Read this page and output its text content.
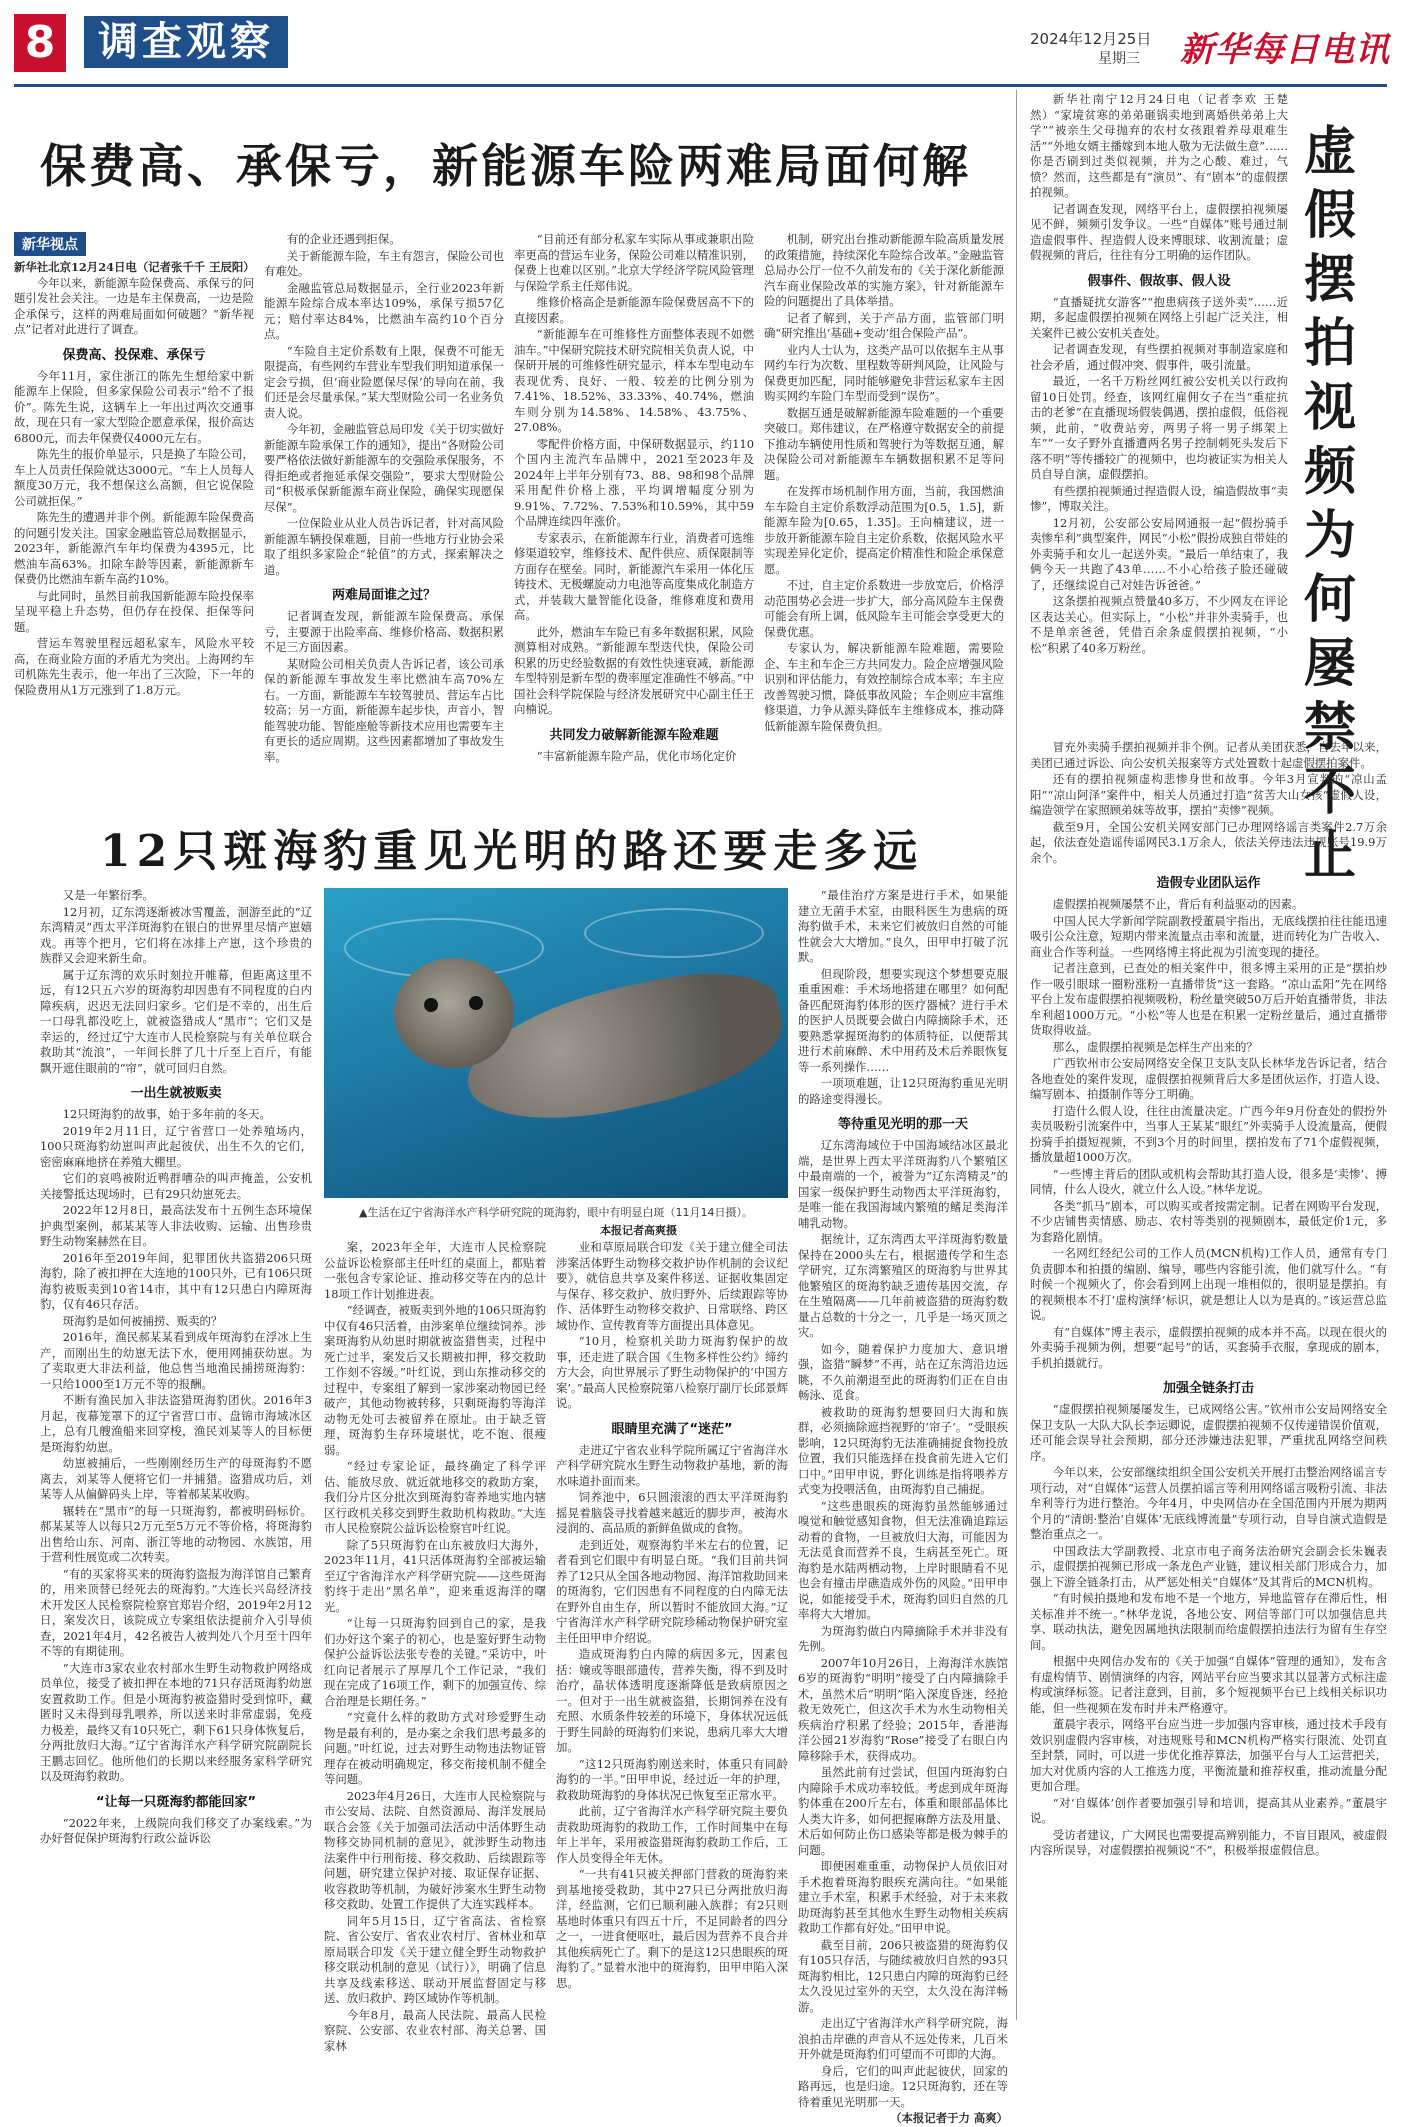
8	调查观察	2024年12月25日
星期三 新华每日电讯
保费高、承保亏，新能源车险两难局面何解
新华视点
新华社北京12月24日电（记者张千千 王辰阳）

今年以来，新能源车险保费高、承保亏的问题引发社会关注。一边是车主保费高，一边是险企承保亏，这样的两难局面如何破题？“新华视点”记者对此进行了调查。

保费高、投保难、承保亏

今年11月，家住浙江的陈先生想给家中新能源车上保险，但多家保险公司表示“给不了报价”。陈先生说，这辆车上一年出过两次交通事故，现在只有一家大型险企愿意承保，报价高达6800元，而去年保费仅4000元左右。

陈先生的报价单显示，只是换了车险公司，车上人员责任保险就达3000元。“车上人员每人额度30万元，我不想保这么高额，但它说保险公司就拒保。”

陈先生的遭遇并非个例。新能源车险保费高的问题引发关注。国家金融监管总局数据显示，2023年，新能源汽车年均保费为4395元，比燃油车高63%。扣除车龄等因素，新能源新车保费仍比燃油车新车高约10%。

与此同时，虽然目前我国新能源车险投保率呈现平稳上升态势，但仍存在投保、拒保等问题。

营运车驾驶里程远超私家车，风险水平较高，在商业险方面的矛盾尤为突出。上海网约车司机陈先生表示，他一年出了三次险，下一年的保险费用从1万元涨到了1.8万元。

有的企业还遇到拒保。

关于新能源车险，车主有怨言，保险公司也有难处。

金融监管总局数据显示，全行业2023年新能源车险综合成本率达109%，承保亏损57亿元；赔付率达84%，比燃油车高约10个百分点。

“车险自主定价系数有上限，保费不可能无限提高，有些网约车营业车型我们明知道承保一定会亏损，但‘商业险愿保尽保’的导向在前，我们还是会尽量承保。”某大型财险公司一名业务负责人说。

今年初，金融监管总局印发《关于切实做好新能源车险承保工作的通知》，提出“各财险公司要严格依法做好新能源车的交强险承保服务，不得拒绝或者拖延承保交强险”，要求大型财险公司“积极承保新能源车商业保险，确保实现愿保尽保”。

一位保险业从业人员告诉记者，针对高风险新能源车辆投保难题，目前一些地方行业协会采取了组织多家险企“轮值”的方式，探索解决之道。

两难局面谁之过？

记者调查发现，新能源车险保费高、承保亏，主要源于出险率高、维修价格高、数据积累不足三方面因素。

某财险公司相关负责人告诉记者，该公司承保的新能源车事故发生率比燃油车高70%左右。一方面，新能源车车较驾驶员、营运车占比较高；另一方面，新能源车起步快，声音小，智能驾驶功能、智能座舱等新技术应用也需要车主有更长的适应周期。这些因素都增加了事故发生率。

“目前还有部分私家车实际从事或兼职出险率更高的营运车业务，保险公司难以精准识别，保费上也难以区别。”北京大学经济学院风险管理与保险学系主任郑伟说。

维修价格高企是新能源车险保费居高不下的直接因素。

“新能源车在可维修性方面整体表现不如燃油车。”中保研究院技术研究院相关负责人说，中保研开展的可维修性研究显示，样本车型电动车表现优秀、良好、一般、较差的比例分别为7.41%、18.52%、33.33%、40.74%，燃油车则分别为14.58%、14.58%、43.75%、27.08%。

零配件价格方面，中保研数据显示，约110个国内主流汽车品牌中，2021至2023年及2024年上半年分别有73、88、98和98个品牌采用配件价格上涨，平均调增幅度分别为9.91%、7.72%、7.53%和10.59%，其中59个品牌连续四年涨价。

专家表示，在新能源车行业，消费者可选维修渠道较窄，维修技术、配件供应、质保限制等方面存在壁垒。同时，新能源汽车采用一体化压铸技术、无极螺旋动力电池等高度集成化制造方式，并装载大量智能化设备，维修难度和费用高。

此外，燃油车车险已有多年数据积累，风险测算相对成熟。“新能源车型迭代快，保险公司积累的历史经验数据的有效性快速衰减，新能源车型特别是新车型的费率厘定准确性不够高。”中国社会科学院保险与经济发展研究中心副主任王向楠说。

共同发力破解新能源车险难题

“丰富新能源车险产品，优化市场化定价

机制，研究出台推动新能源车险高质量发展的政策措施，持续深化车险综合改革。”金融监管总局办公厅一位不久前发布的《关于深化新能源汽车商业保险改革的实施方案》，针对新能源车险的问题提出了具体举措。

记者了解到，关于产品方面，监管部门明确“研究推出‘基础+变动’组合保险产品”。

业内人士认为，这类产品可以依据车主从事网约车行为次数、里程数等研判风险，让风险与保费更加匹配，同时能够避免非营运私家车主因购买网约车险门车型而受到“误伤”。

数据互通是破解新能源车险难题的一个重要突破口。郑伟建议，在严格遵守数据安全的前提下推动车辆使用性质和驾驶行为等数据互通，解决保险公司对新能源车车辆数据积累不足等问题。

在发挥市场机制作用方面，当前，我国燃油车车险自主定价系数浮动范围为[0.5，1.5]，新能源车险为[0.65，1.35]。王向楠建议，进一步放开新能源车险自主定价系数，依据风险水平实现差异化定价，提高定价精准性和险企承保意愿。

不过，自主定价系数进一步放宽后，价格浮动范围势必会进一步扩大，部分高风险车主保费可能会有所上调，低风险车主可能会享受更大的保费优惠。

专家认为，解决新能源车险难题，需要险企、车主和车企三方共同发力。险企应增强风险识别和评估能力，有效控制综合成本率；车主应改善驾驶习惯，降低事故风险；车企则应丰富维修渠道，力争从源头降低车主维修成本，推动降低新能源车险保费负担。

12只斑海豹重见光明的路还要走多远

又是一年繁衍季。

12月初，辽东湾逐渐被冰雪覆盖，洄游至此的“辽东湾精灵”西太平洋斑海豹在银白的世界里尽情产崽嬉戏。再等个把月，它们将在冰排上产崽，这个珍贵的族群又会迎来新生命。

属于辽东湾的欢乐时刻拉开帷幕，但距离这里不远，有12只五六岁的斑海豹却因患有不同程度的白内障疾病，迟迟无法回归家乡。它们是不幸的，出生后一口母乳都没吃上，就被盗猎成人“黑市”；它们又是幸运的，经过辽宁大连市人民检察院与有关单位联合救助其“流浪”，一年间长胖了几十斤至上百斤，有能飘开遮住眼前的“帘”，就可回归自然。

一出生就被贩卖

12只斑海豹的故事，始于多年前的冬天。

2019年2月11日，辽宁省营口一处养殖场内，100只斑海豹幼崽叫声此起彼伏，出生不久的它们，密密麻麻地挤在养殖大棚里。

它们的哀鸣被附近鸭群嘈杂的叫声掩盖，公安机关接警抵达现场时，已有29只幼崽死去。

2022年12月8日，最高法发布十五例生态环境保护典型案例，郝某某等人非法收购、运输、出售珍贵野生动物案赫然在目。

2016年至2019年间，犯罪团伙共盗猎206只斑海豹，除了被扣押在大连地的100只外，已有106只斑海豹被贩卖到10省14市，其中有12只患白内障斑海豹，仅有46只存活。

斑海豹是如何被捕捞、贩卖的？

2016年，渔民郝某某看到成年斑海豹在浮冰上生产，而刚出生的幼崽无法下水，便用网捕获幼崽。为了卖取更大非法利益，他总售当地渔民捕捞斑海豹：一只给1000至1万元不等的报酬。

不断有渔民加入非法盗猎斑海豹团伙。2016年3月起，夜幕笼罩下的辽宁省营口市、盘锦市海域冰区上，总有几艘渔船来回穿梭，渔民刘某等人的目标便是斑海豹幼崽。

幼崽被捕后，一些刚刚经历生产的母斑海豹不愿离去，刘某等人便将它们一并捕猎。盗猎成功后，刘某等人从偏僻码头上岸，等着郝某某收购。

辗转在“黑市”的每一只斑海豹，都被明码标价。郝某某等人以每只2万元至5万元不等价格，将斑海豹出售给山东、河南、浙江等地的动物园、水族馆，用于营利性展览或二次转卖。

“有的买家将买来的斑海豹盗报为海洋馆自己繁育的，用来顶替已经死去的斑海豹。”大连长兴岛经济技术开发区人民检察院检察官郑岩介绍，2019年2月12日，案发次日，该院成立专案组依法提前介入引导侦查，2021年4月，42名被告人被判处八个月至十四年不等的有期徒刑。

“大连市3家农业农村部水生野生动物救护网络成员单位，接受了被扣押在本地的71只存活斑海豹幼崽安置救助工作。但是小斑海豹被盗猎时受到惊吓，藏匿时又未得到母乳喂养，所以送来时非常虚弱，免疫力极差，最终又有10只死亡，剩下61只身体恢复后，分两批放归大海。”辽宁省海洋水产科学研究院副院长王鹏志回忆。他所他们的长期以来经服务家科学研究以及斑海豹救助。

“让每一只斑海豹都能回家”

“2022年来，上级院向我们移交了办案线索。”为办好督促保护斑海豹行政公益诉讼

▲生活在辽宁省海洋水产科学研究院的斑海豹，眼中有明显白斑（11月14日摄）。
本报记者高爽摄

案，2023年全年，大连市人民检察院公益诉讼检察部主任叶红的桌面上，都贴着一张包含专家论证、推动移交等在内的总计18项工作计划推进表。

“经调查，被贩卖到外地的106只斑海豹中仅有46只活着，由涉案单位继续饲养。涉案斑海豹从幼崽时期就被盗猎售卖，过程中死亡过半，案发后又长期被扣押，移交救助工作刻不容缓。”叶红说，到山东推动移交的过程中，专案组了解到一家涉案动物园已经破产，其他动物被转移，只剩斑海豹等海洋动物无处可去被留养在原址。由于缺乏管理，斑海豹生存环境堪忧，吃不饱、很瘦弱。

“经过专家论证，最终确定了科学评估、能放尽放、就近就地移交的救助方案，我们分片区分批次到斑海豹寄养地实地内辖区行政机关移交到野生救助机构救助。”大连市人民检察院公益诉讼检察官叶红说。

除了5只斑海豹在山东被放归大海外，2023年11月，41只活体斑海豹全部被运输至辽宁省海洋水产科学研究院——这些斑海豹终于走出“黑名单”，迎来重返海洋的曙光。

“让每一只斑海豹回到自己的家，是我们办好这个案子的初心，也是鉴好野生动物保护公益诉讼法张专卷的关键。”采访中，叶红向记者展示了厚厚几个工作记录，“我们现在完成了16项工作，剩下的加强宣传、综合治理是长期任务。”

“究竟什么样的救助方式对珍爱野生动物是最有利的，是办案之余我们思考最多的问题。”叶红说，过去对野生动物违法物证管理存在被动明确规定，移交衔接机制不健全等问题。

2023年4月26日，大连市人民检察院与市公安局、法院、自然资源局、海洋发展局联合会签《关于加强司法活动中活体野生动物移交协同机制的意见》，就涉野生动物违法案件中行刑衔接、移交救助、后续跟踪等问题，研究建立保护对接、取证保存证据、收容救助等机制，为破好涉案水生野生动物移交救助、处置工作提供了大连实践样本。

同年5月15日，辽宁省高法、省检察院、省公安厅、省农业农村厅、省林业和草原局联合印发《关于建立健全野生动物救护移交联动机制的意见（试行）》，明确了信息共享及线索移送、联动开展监督固定与移送、放归救护、跨区域协作等机制。

今年8月，最高人民法院、最高人民检察院、公安部、农业农村部、海关总署、国家林

业和草原局联合印发《关于建立健全司法涉案活体野生动物移交救护协作机制的会议纪要》，就信息共享及案件移送、证据收集固定与保存、移交救护、放归野外、后续跟踪等协作、活体野生动物移交救护、日常联络、跨区域协作、宣传教育等方面提出具体意见。

“10月，检察机关助力斑海豹保护的故事，还走进了联合国《生物多样性公约》缔约方大会，向世界展示了野生动物保护的‘中国方案’。”最高人民检察院第八检察厅副厅长邱景辉说。

眼睛里充满了“迷茫”

走进辽宁省农业科学院所属辽宁省海洋水产科学研究院水生野生动物救护基地，新的海水味道扑面而来。

饲养池中，6只圆滚滚的西太平洋斑海豹摇晃着脑袋寻找着越来越近的脚步声，被海水浸润的、高品质的新鲜鱼做成的食物。

走到近处，观察海豹半米左右的位置，记者看到它们眼中有明显白斑。“我们目前共饲养了12只从全国各地动物园、海洋馆救助回来的斑海豹，它们因患有不同程度的白内障无法在野外自由生存，所以暂时不能放回大海。”辽宁省海洋水产科学研究院珍稀动物保护研究室主任田甲申介绍说。

造成斑海豹白内障的病因多元，因素包括：嬢或等眼部遗传，营养失衡，得不到及时治疗，晶状体透明度逐渐降低是致病原因之一。但对于一出生就被盗猎，长期饲养在没有充照、水质条件较差的环境下，身体状况远低于野生同龄的斑海豹们来说，患病几率大大增加。

“这12只斑海豹刚送来时，体重只有同龄海豹的一半。”田甲申说，经过近一年的护理，救救助斑海豹的身体状况已恢复至正常水平。

此前，辽宁省海洋水产科学研究院主要负责救助斑海豹的救助工作，工作时间集中在每年上半年，采用被盗猎斑海豹救助工作后，工作人员变得全年无休。

“一共有41只被关押部门营救的斑海豹来到基地接受救助，其中27只已分两批放归海洋，经监测，它们已顺利融入族群；有2只则基地时体重只有四五十斤，不足同龄者的四分之一，一进食便呕吐，最后因为营养不良合并其他疾病死亡了。剩下的是这12只患眼疾的斑海豹了。”显着水池中的斑海豹，田甲申陷入深思。

“最佳治疗方案是进行手术，如果能建立无菌手术室，由眼科医生为患病的斑海豹做手术，未来它们被放归自然的可能性就会大大增加。”良久，田甲申打破了沉默。

但现阶段，想要实现这个梦想要克服重重困难：手术场地搭建在哪里？如何配备匹配斑海豹体形的医疗器械？进行手术的医护人员既要会做白内障摘除手术，还要熟悉掌握斑海豹的体质特征，以便帮其进行术前麻醉、术中用药及术后养眼恢复等一系列操作……

一项项难题，让12只斑海豹重见光明的路途变得漫长。

等待重见光明的那一天

辽东湾海域位于中国海域结冰区最北端，是世界上西太平洋斑海豹八个繁殖区中最南端的一个，被誉为“辽东湾精灵”的国家一级保护野生动物西太平洋斑海豹，是唯一能在我国海域内繁殖的鳍足类海洋哺乳动物。

据统计，辽东湾西太平洋斑海豹数量保持在2000头左右，根据遗传学和生态学研究，辽东湾繁殖区的斑海豹与世界其他繁殖区的斑海豹缺乏遗传基因交流，存在生殖隔离——几年前被盗猎的斑海豹数量占总数的十分之一，几乎是一场灭顶之灾。

如今，随着保护力度加大、意识增强，盗猎“瞬梦”不再，站在辽东湾沿边远眺，不久前潮退至此的斑海豹们正在自由畅泳、觅食。

被救助的斑海豹想要回归大海和族群，必须摘除遮挡视野的‘帘子’。“受眼疾影响，12只斑海豹无法准确捕捉食物投放位置，我们只能选择在投食前先进入它们口中。”田甲申说，野化训练是指将喂养方式变为投喂活鱼，由斑海豹自己捕捉。

“这些患眼疾的斑海豹虽然能够通过嗅觉和触觉感知食物，但无法准确追踪运动着的食物，一旦被放归大海，可能因为无法觅食而营养不良，生病甚至死亡。斑海豹是水陆两栖动物，上岸时眼睛看不见也会有撞击岸礁造成外伤的风险。”田甲申说，如能接受手术，斑海豹回归自然的几率将大大增加。

为斑海豹做白内障摘除手术并非没有先例。

2007年10月26日，上海海洋水族馆6岁的斑海豹“明明”接受了白内障摘除手术，虽然术后“明明”陷入深度昏迷，经抢救无效死亡，但这次手术为水生动物相关疾病治疗积累了经验；2015年，香港海洋公园21岁海豹“Rose”接受了右眼白内障移除手术，获得成功。

虽然此前有过尝试，但国内斑海豹白内障除手术成功率较低。考虑到成年斑海豹体重在200斤左右，体重和眼部晶体比人类大许多，如何把握麻醉方法及用量、术后如何防止伤口感染等都是极为棘手的问题。

即便困难重重，动物保护人员依旧对手术抱着斑海豹眼疾充满向往。“如果能建立手术室，积累手术经验，对于未来救助斑海豹甚至其他水生野生动物相关疾病救助工作都有好处。”田甲申说。

截至目前，206只被盗猎的斑海豹仅有105只存活，与随续被放归自然的93只斑海豹相比，12只患白内障的斑海豹已经太久没见过室外的天空，太久没在海洋畅游。

走出辽宁省海洋水产科学研究院，海浪拍击岸礁的声音从不远处传来，几百米开外就是斑海豹们可望而不可即的大海。

身后，它们的叫声此起彼伏，回家的路再远，也是归途。12只斑海豹，还在等待着重见光明那一天。

（本报记者于力 高爽）
虚假摆拍视频为何屡禁不止

新华社南宁12月24日电（记者李欢 王楚然）“家境贫寒的弟弟砸锅卖地到离婚供弟弟上大学”“被亲生父母抛弃的农村女孩跟着养母艰难生活”“外地女婿主播嫁到本地人敬为无法做生意”……你是否刷到过类似视频，并为之心酸、难过，气愤？然而，这些都是有“演员”、有“剧本”的虚假摆拍视频。

记者调查发现，网络平台上，虚假摆拍视频屡见不鲜，频频引发争议。一些“自媒体”账号通过制造虚假事件、捏造假人设来博眼球、收割流量；虚假视频的背后，往往有分工明确的运作团队。

假事件、假故事、假人设

“直播疑扰女游客”“抱患病孩子送外卖”……近期，多起虚假摆拍视频在网络上引起广泛关注，相关案件已被公安机关查处。

记者调查发现，有些摆拍视频对事制造家庭和社会矛盾，通过假冲突、假事件，吸引流量。

最近，一名千万粉丝网红被公安机关以行政拘留10日处罚。经查，该网红雇佣女子在当“重症抗击的老爹”在直播现场假装偶遇，摆拍虚假，低俗视频，此前，“收费站旁，两男子将一男子绑架上车”“一女子野外直播遭两名男子控制刺死头发后下落不明”等传播较广的视频中，也均被证实为相关人员自导自演，虚假摆拍。

有些摆拍视频通过捏造假人设，编造假故事“卖惨”，博取关注。

12月初，公安部公安局网通报一起“假扮骑手卖惨牟利”典型案件，网民“小松”假扮成独自带娃的外卖骑手和女儿一起送外卖。“最后一单结束了，我俩今天一共跑了43单……不小心给孩子脸还碰破了，还继续说自己对娃告诉爸爸。”

这条摆拍视频点赞量40多万，不少网友在评论区表达关心。但实际上，“小松”并非外卖骑手，也不是单亲爸爸，凭借百余条虚假摆拍视频，“小松”积累了40多万粉丝。

冒充外卖骑手摆拍视频并非个例。记者从美团获悉，自去年以来，美团已通过诉讼、向公安机关报案等方式处置数十起虚假摆拍案件。

还有的摆拍视频虚构悲惨身世和故事。今年3月宣判的“凉山孟阳”“凉山阿泽”案件中，相关人员通过打造“贫苦大山女孩”虚假人设，编造领学在家照顾弟妹等故事，摆拍“卖惨”视频。

截至9月，全国公安机关网安部门已办理网络谣言类案件2.7万余起，依法查处造谣传谣网民3.1万余人，依法关停违法违规账号19.9万余个。

造假专业团队运作

虚假摆拍视频屡禁不止，背后有利益驱动的因素。

中国人民大学新闻学院副教授董晨宇指出，无底线摆拍往往能迅速吸引公众注意，短期内带来流量点击率和流量，进而转化为广告收入、商业合作等利益。一些网络博主将此视为引流变现的捷径。

记者注意到，已查处的相关案件中，很多博主采用的正是“摆拍炒作一吸引眼球一圈粉涨粉一直播带货”这一套路。“凉山孟阳”先在网络平台上发布虚假摆拍视频吸粉，粉丝量突破50万后开始直播带货，非法牟利超1000万元。“小松”等人也是在积累一定粉丝量后，通过直播带货取得收益。

那么，虚假摆拍视频是怎样生产出来的？

广西钦州市公安局网络安全保卫支队支队长林华龙告诉记者，结合各地查处的案件发现，虚假摆拍视频背后大多是团伙运作，打造人设、编写剧本、拍摄制作等分工明确。

打造什么假人设，往往由流量决定。广西今年9月份查处的假扮外卖员吸粉引流案件中，当事人王某某“眼红”外卖骑手人设流量高，便假扮骑手拍摄短视频，不到3个月的时间里，摆拍发布了71个虚假视频，播放量超1000万次。

“一些博主背后的团队或机构会帮助其打造人设，很多是‘卖惨’、搏同情，什么人设火，就立什么人设。”林华龙说。

各类“抓马”剧本，可以购买或者按需定制。记者在网购平台发现，不少店铺售卖情感、励志、农村等类别的视频剧本，最低定价1元，多为套路化剧情。

一名网红经纪公司的工作人员(MCN机构)工作人员，通常有专门负责脚本和拍摄的编剧、编导，哪些内容能引流，他们就写什么。“有时候一个视频火了，你会看到网上出现一堆相似的，很明显是摆拍。有的视频根本不打‘虚构演绎’标识，就是想让人以为是真的。”该运营总监说。

有“自媒体”博主表示，虚假摆拍视频的成本并不高。以现在很火的外卖骑手视频为例，想要“起号”的话，买套骑手衣服，拿现成的剧本，手机拍摄就行。

加强全链条打击

“虚假摆拍视频屡屡发生，已成网络公害。”钦州市公安局网络安全保卫支队一大队大队长李运卿说，虚假摆拍视频不仅传递错误价值观，还可能会误导社会预期，部分还涉嫌违法犯罪，严重扰乱网络空间秩序。

今年以来，公安部继续组织全国公安机关开展打击整治网络谣言专项行动，对“自媒体”运营人员摆拍谣言等利用网络谣言吸粉引流、非法牟利等行为进行整治。今年4月，中央网信办在全国范围内开展为期两个月的“清朗·整治‘自媒体’无底线博流量”专项行动，自导自演式造假是整治重点之一。

中国政法大学副教授、北京市电子商务法治研究会副会长朱巍表示，虚假摆拍视频已形成一条龙色产业链，建议相关部门形成合力，加强上下游全链条打击，从严惩处相关“自媒体”及其背后的MCN机构。

“有时候拍摄地和发布地不是一个地方，异地监管存在滞后性，相关标准并不统一。”林华龙说，各地公安、网信等部门可以加强信息共享、联动执法，避免因属地执法限制而给虚假摆拍违法行为留有生存空间。

根据中央网信办发布的《关于加强“自媒体”管理的通知》，发布含有虚构情节、剧情演绎的内容，网站平台应当要求其以显著方式标注虚构或演绎标签。记者注意到，目前，多个短视频平台已上线相关标识功能，但一些视频在发布时并未严格遵守。

董晨宇表示，网络平台应当进一步加强内容审核，通过技术手段有效识别虚假内容审核，对违规账号和MCN机构严格实行限流、处罚直至封禁，同时，可以进一步优化推荐算法，加强平台与人工运营把关，加大对优质内容的人工推选力度，平衡流量和推荐权重，推动流量分配更加合理。

“对‘自媒体’创作者要加强引导和培训，提高其从业素养。”董晨宇说。

受访者建议，广大网民也需要提高辨别能力，不盲目跟风，被虚假内容所误导，对虚假摆拍视频说“不”，积极举报虚假信息。
